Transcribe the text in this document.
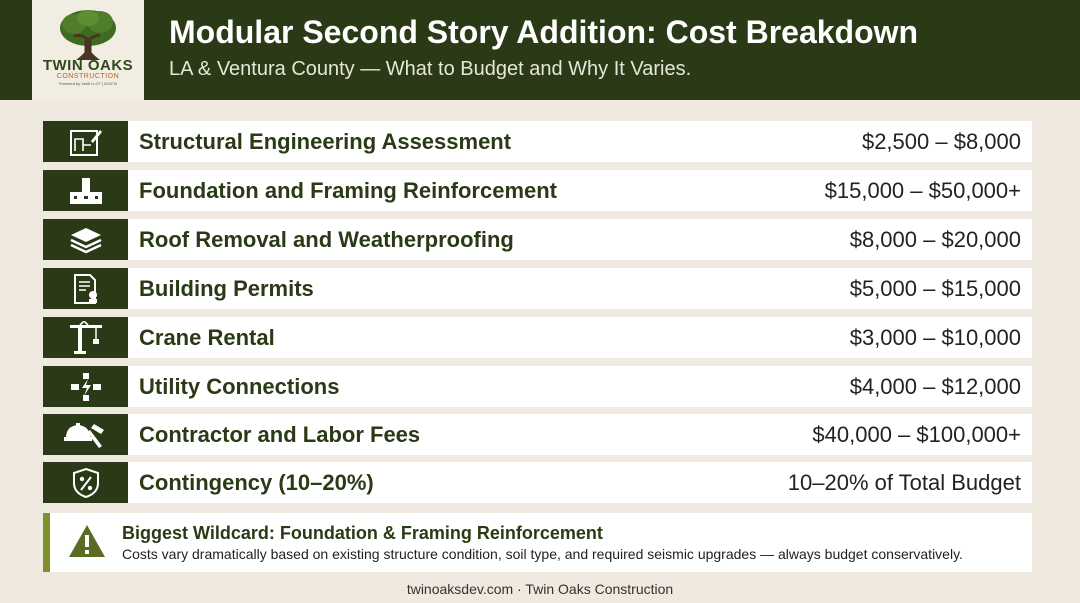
TWIN OAKS
CONSTRUCTION
Powered by Vesti LLCF | DG/FI4
Modular Second Story Addition: Cost Breakdown
LA & Ventura County — What to Budget and Why It Varies.
Structural Engineering Assessment	$2,500 – $8,000
Foundation and Framing Reinforcement	$15,000 – $50,000+
Roof Removal and Weatherproofing	$8,000 – $20,000
Building Permits	$5,000 – $15,000
Crane Rental	$3,000 – $10,000
Utility Connections	$4,000 – $12,000
Contractor and Labor Fees	$40,000 – $100,000+
Contingency (10–20%)	10–20% of Total Budget
Biggest Wildcard: Foundation & Framing Reinforcement
Costs vary dramatically based on existing structure condition, soil type, and required seismic upgrades — always budget conservatively.
twinoaksdev.com · Twin Oaks Construction
